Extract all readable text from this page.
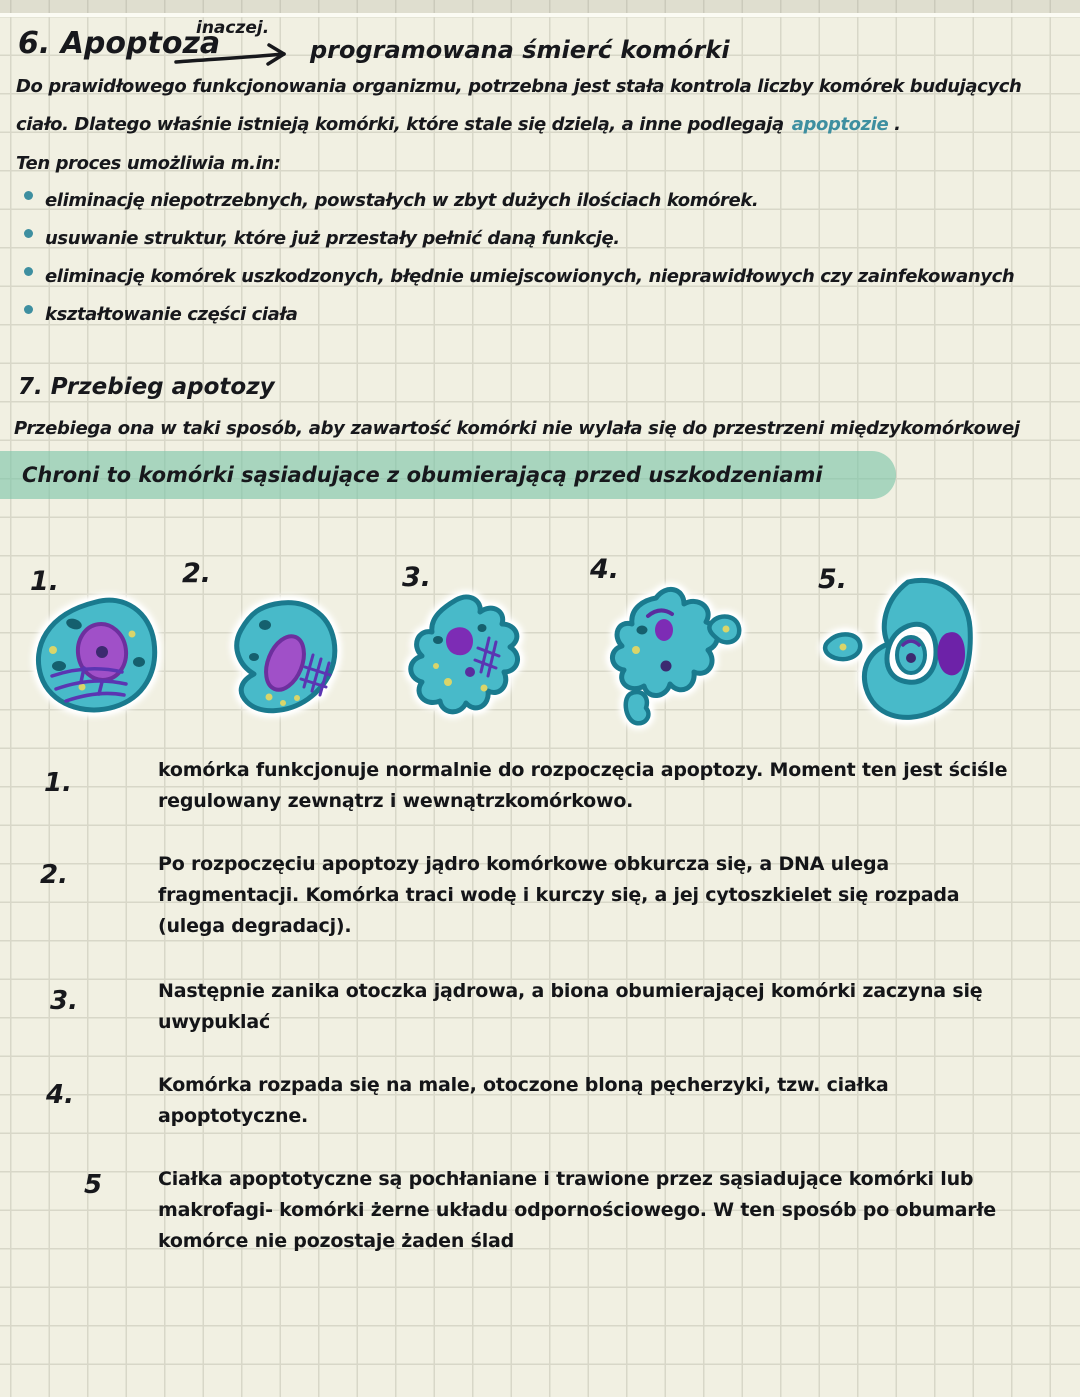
6. Apoptoza
inaczej.
programowana śmierć komórki
Do prawidłowego funkcjonowania organizmu, potrzebna jest stała kontrola liczby komórek budujących
ciało. Dlatego właśnie istnieją komórki, które stale się dzielą, a inne podlegają apoptozie .
Ten proces umożliwia m.in:
eliminację niepotrzebnych, powstałych w zbyt dużych ilościach komórek.
usuwanie struktur, które już przestały pełnić daną funkcję.
eliminację komórek uszkodzonych, błędnie umiejscowionych, nieprawidłowych czy zainfekowanych
kształtowanie części ciała
7. Przebieg apotozy
Przebiega ona w taki sposób, aby zawartość komórki nie wylała się do przestrzeni międzykomórkowej
Chroni to komórki sąsiadujące z obumierającą przed uszkodzeniami
1.	2.	3.	4.	5.
1.	komórka funkcjonuje normalnie do rozpoczęcia apoptozy. Moment ten jest ściśle
regulowany zewnątrz i wewnątrzkomórkowo.
2.	Po rozpoczęciu apoptozy jądro komórkowe obkurcza się, a DNA ulega
fragmentacji. Komórka traci wodę i kurczy się, a jej cytoszkielet się rozpada
(ulega degradacj).
3.	Następnie zanika otoczka jądrowa, a biona obumierającej komórki zaczyna się
uwypuklać
4.	Komórka rozpada się na male, otoczone bloną pęcherzyki, tzw. ciałka
apoptotyczne.
5	Ciałka apoptotyczne są pochłaniane i trawione przez sąsiadujące komórki lub
makrofagi- komórki żerne układu odpornościowego. W ten sposób po obumarłe
komórce nie pozostaje żaden ślad
